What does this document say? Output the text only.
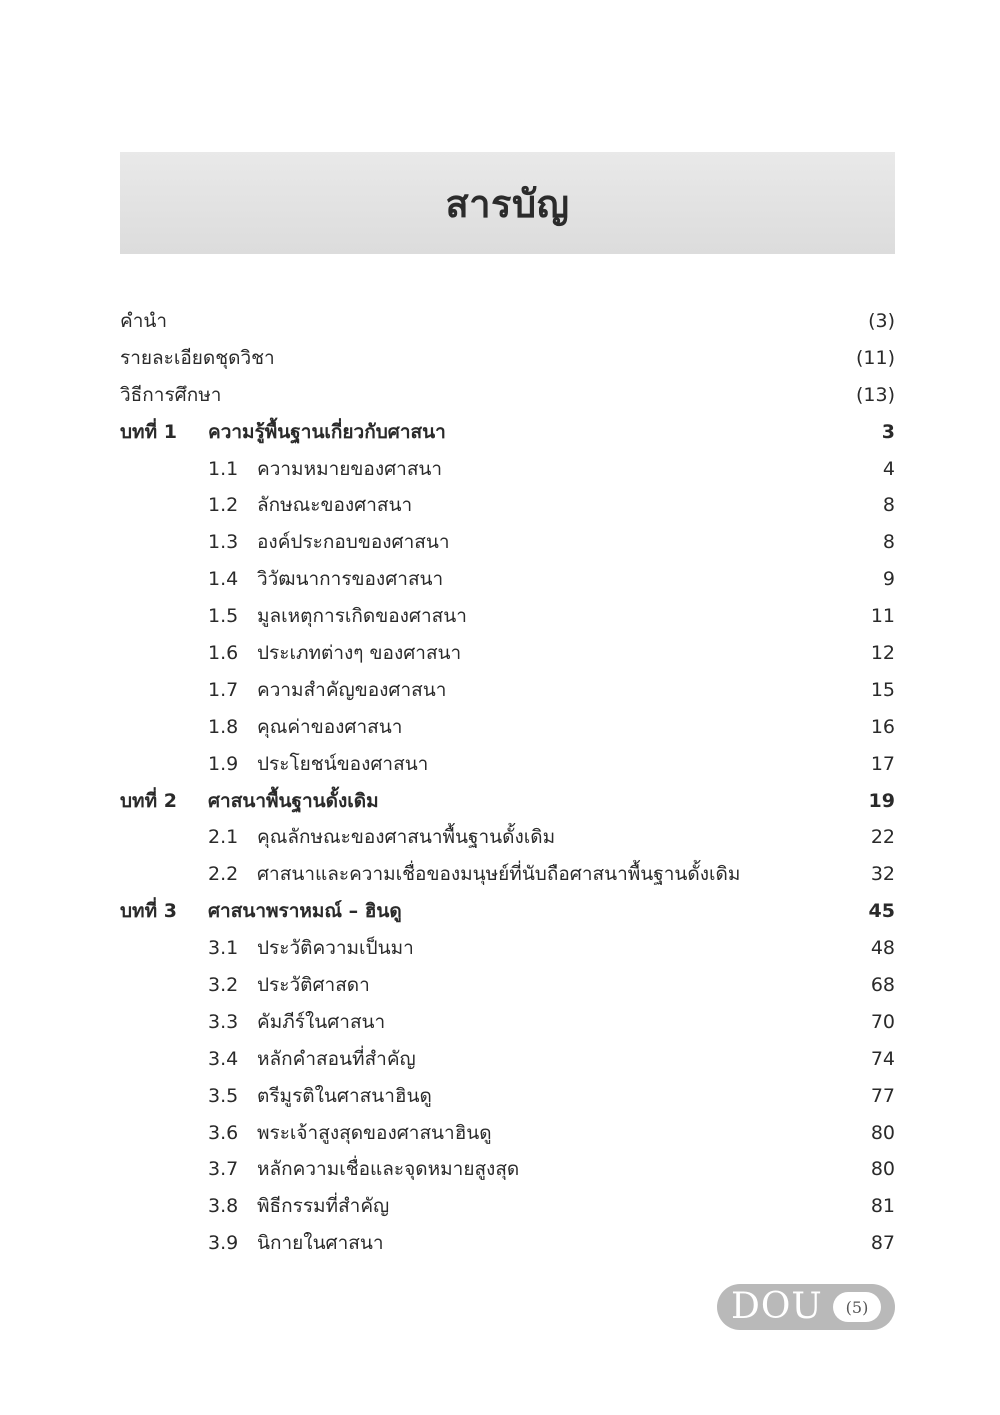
สารบัญ
คำนำ	(3)
รายละเอียดชุดวิชา	(11)
วิธีการศึกษา	(13)
บทที่ 1 ความรู้พื้นฐานเกี่ยวกับศาสนา	3
1.1 ความหมายของศาสนา	4
1.2 ลักษณะของศาสนา	8
1.3 องค์ประกอบของศาสนา	8
1.4 วิวัฒนาการของศาสนา	9
1.5 มูลเหตุการเกิดของศาสนา	11
1.6 ประเภทต่างๆ ของศาสนา	12
1.7 ความสำคัญของศาสนา	15
1.8 คุณค่าของศาสนา	16
1.9 ประโยชน์ของศาสนา	17
บทที่ 2 ศาสนาพื้นฐานดั้งเดิม	19
2.1 คุณลักษณะของศาสนาพื้นฐานดั้งเดิม	22
2.2 ศาสนาและความเชื่อของมนุษย์ที่นับถือศาสนาพื้นฐานดั้งเดิม	32
บทที่ 3 ศาสนาพราหมณ์ – ฮินดู	45
3.1 ประวัติความเป็นมา	48
3.2 ประวัติศาสดา	68
3.3 คัมภีร์ในศาสนา	70
3.4 หลักคำสอนที่สำคัญ	74
3.5 ตรีมูรติในศาสนาฮินดู	77
3.6 พระเจ้าสูงสุดของศาสนาฮินดู	80
3.7 หลักความเชื่อและจุดหมายสูงสุด	80
3.8 พิธีกรรมที่สำคัญ	81
3.9 นิกายในศาสนา	87
DOU	(5)
